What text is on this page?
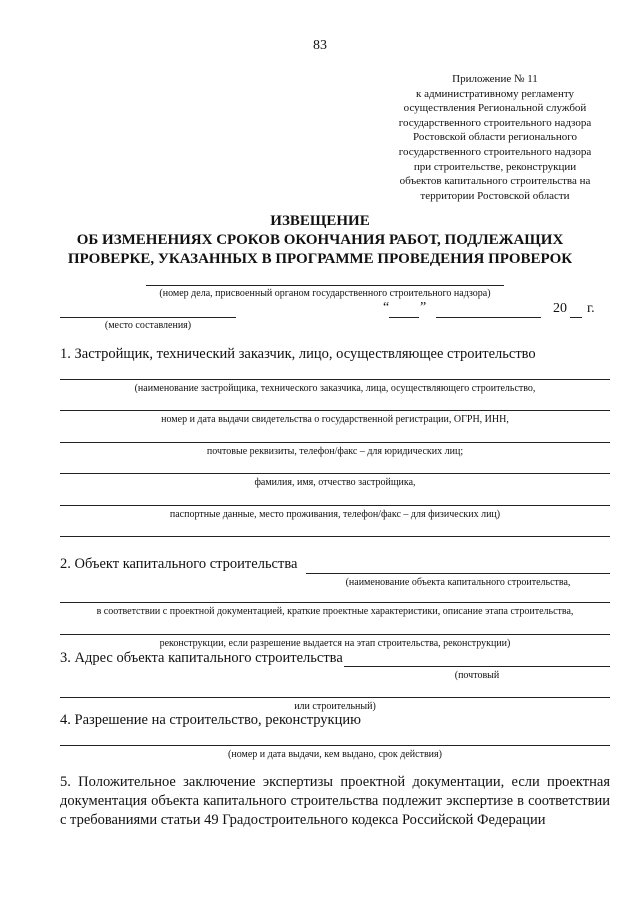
83
Приложение № 11
к административному регламенту
осуществления Региональной службой
государственного строительного надзора
Ростовской области регионального
государственного строительного надзора
при строительстве, реконструкции
объектов капитального строительства на
территории Ростовской области
ИЗВЕЩЕНИЕ
ОБ ИЗМЕНЕНИЯХ СРОКОВ ОКОНЧАНИЯ РАБОТ, ПОДЛЕЖАЩИХ
ПРОВЕРКЕ, УКАЗАННЫХ В ПРОГРАММЕ ПРОВЕДЕНИЯ ПРОВЕРОК
(номер дела, присвоенный органом государственного строительного надзора)
(место составления)
“ ”	20 г.
1. Застройщик, технический заказчик, лицо, осуществляющее строительство
(наименование застройщика, технического заказчика, лица, осуществляющего строительство,
номер и дата выдачи свидетельства о государственной регистрации, ОГРН, ИНН,
почтовые реквизиты, телефон/факс – для юридических лиц;
фамилия, имя, отчество застройщика,
паспортные данные, место проживания, телефон/факс – для физических лиц)
2. Объект капитального строительства
(наименование объекта капитального строительства,
в соответствии с проектной документацией, краткие проектные характеристики, описание этапа строительства,
реконструкции, если разрешение выдается на этап строительства, реконструкции)
3. Адрес объекта капитального строительства
(почтовый
или строительный)
4. Разрешение на строительство, реконструкцию
(номер и дата выдачи, кем выдано, срок действия)
5. Положительное заключение экспертизы проектной документации, если проектная документация объекта капитального строительства подлежит экспертизе в соответствии с требованиями статьи 49 Градостроительного кодекса Российской Федерации
